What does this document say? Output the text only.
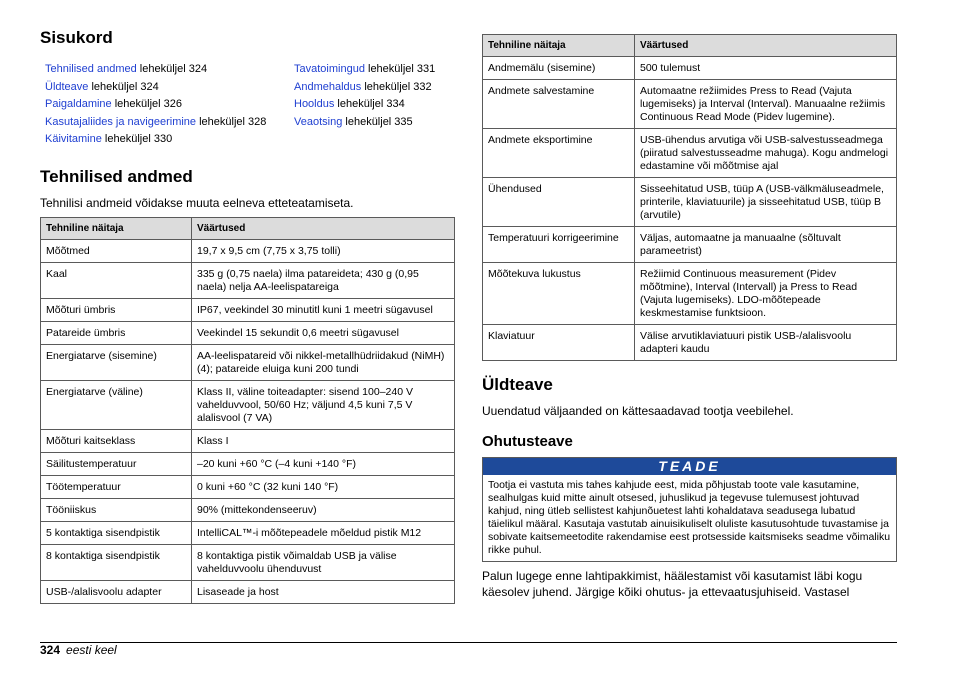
Sisukord
Tehnilised andmed lehekülje​l 324
Üldteave leheküljel 324
Paigaldamine leheküljel 326
Kasutajaliides ja navigeerimine leheküljel 328
Käivitamine leheküljel 330
Tavatoimingud leheküljel 331
Andmehaldus leheküljel 332
Hooldus leheküljel 334
Veaotsing leheküljel 335
Tehnilised andmed

Tehnilisi andmeid võidakse muuta eelneva etteteatamiseta.

Tehniline näitaja	Väärtused
Mõõtmed	19,7 x 9,5 cm (7,75 x 3,75 tolli)
Kaal	335 g (0,75 naela) ilma patareideta; 430 g (0,95 naela) nelja AA-leelispatareiga
Mõõturi ümbris	IP67, veekindel 30 minutitl kuni 1 meetri sügavusel
Patareide ümbris	Veekindel 15 sekundit 0,6 meetri sügavusel
Energiatarve (sisemine)	AA-leelispatareid või nikkel-metallhüdriidakud (NiMH) (4); patareide eluiga kuni 200 tundi
Energiatarve (väline)	Klass II, väline toiteadapter: sisend 100–240 V vahelduvvool, 50/60 Hz; väljund 4,5 kuni 7,5 V alalisvool (7 VA)
Mõõturi kaitseklass	Klass I
Säilitustemperatuur	–20 kuni +60 °C (–4 kuni +140 °F)
Töötemperatuur	0 kuni +60 °C (32 kuni 140 °F)
Tööniiskus	90% (mittekondenseeruv)
5 kontaktiga sisendpistik	IntelliCAL™-i mõõtepeadele mõeldud pistik M12
8 kontaktiga sisendpistik	8 kontaktiga pistik võimaldab USB ja välise vahelduvvoolu ühenduvust
USB-/alalisvoolu adapter	Lisaseade ja host
Tehniline näitaja	Väärtused
Andmemälu (sisemine)	500 tulemust
Andmete salvestamine	Automaatne režiimides Press to Read (Vajuta lugemiseks) ja Interval (Interval). Manuaalne režiimis Continuous Read Mode (Pidev lugemine).
Andmete eksportimine	USB-ühendus arvutiga või USB-salvestusseadmega (piiratud salvestusseadme mahuga). Kogu andmelogi edastamine või mõõtmise ajal
Ühendused	Sisseehitatud USB, tüüp A (USB-välkmäluseadmele, printerile, klaviatuurile) ja sisseehitatud USB, tüüp B (arvutile)
Temperatuuri korrigeerimine	Väljas, automaatne ja manuaalne (sõltuvalt parameetrist)
Mõõtekuva lukustus	Režiimid Continuous measurement (Pidev mõõtmine), Interval (Intervall) ja Press to Read (Vajuta lugemiseks). LDO-mõõtepeade keskmestamise funktsioon.
Klaviatuur	Välise arvutiklaviatuuri pistik USB-/alalisvoolu adapteri kaudu
Üldteave

Uuendatud väljaanded on kättesaadavad tootja veebilehel.

Ohutusteave
TEADE
Tootja ei vastuta mis tahes kahjude eest, mida põhjustab toote vale kasutamine, sealhulgas kuid mitte ainult otsesed, juhuslikud ja tegevuse tulemusest johtuvad kahjud, ning ütleb sellistest kahjunõuetest lahti kohaldatava seadusega lubatud täielikul määral. Kasutaja vastutab ainuisikuliselt oluliste kasutusohtude tuvastamise ja sobivate kaitsemeetodite rakendamise eest protsesside kaitsmiseks seadme võimaliku rikke puhul.

Palun lugege enne lahtipakkimist, häälestamist või kasutamist läbi kogu käesolev juhend. Järgige kõiki ohutus- ja ettevaatusjuhiseid. Vastasel

324 eesti keel
